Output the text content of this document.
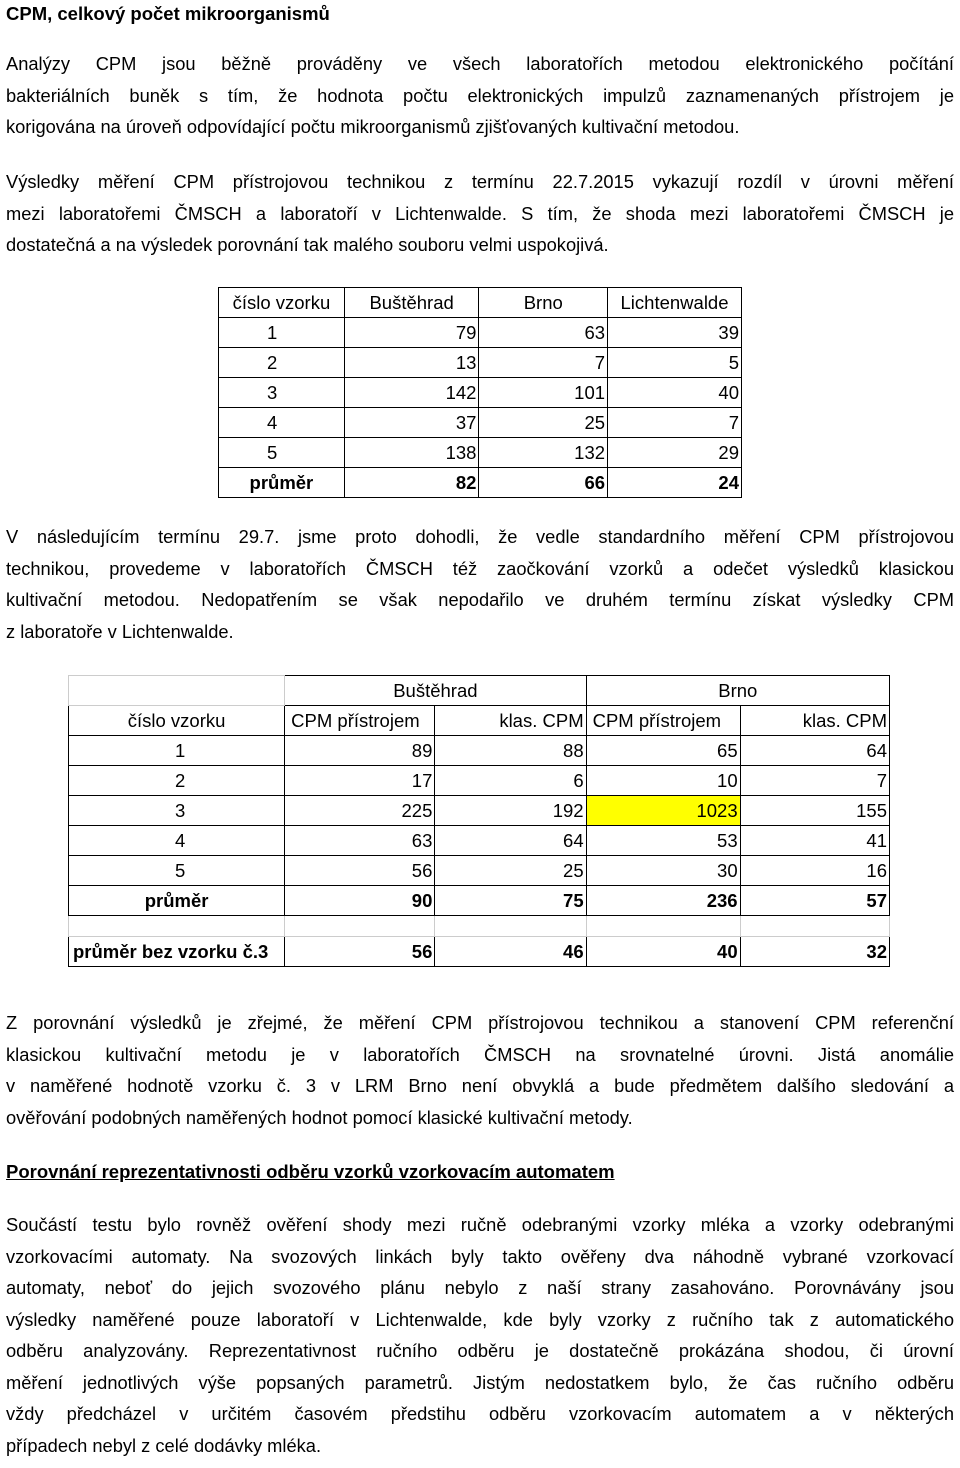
CPM, celkový počet mikroorganismů
Analýzy CPM jsou běžně prováděny ve všech laboratořích metodou elektronického počítání
bakteriálních buněk s tím, že hodnota počtu elektronických impulzů zaznamenaných přístrojem je
korigována na úroveň odpovídající počtu mikroorganismů zjišťovaných kultivační metodou.
Výsledky měření CPM přístrojovou technikou z termínu 22.7.2015 vykazují rozdíl v úrovni měření
mezi laboratořemi ČMSCH a laboratoří v Lichtenwalde. S tím, že shoda mezi laboratořemi ČMSCH je
dostatečná a na výsledek porovnání tak malého souboru velmi uspokojivá.
číslo vzorku	Buštěhrad	Brno	Lichtenwalde
1	79	63	39
2	13	7	5
3	142	101	40
4	37	25	7
5	138	132	29
průměr	82	66	24
V následujícím termínu 29.7. jsme proto dohodli, že vedle standardního měření CPM přístrojovou
technikou, provedeme v laboratořích ČMSCH též zaočkování vzorků a odečet výsledků klasickou
kultivační metodou. Nedopatřením se však nepodařilo ve druhém termínu získat výsledky CPM
z laboratoře v Lichtenwalde.
	Buštěhrad		Brno	
číslo vzorku	CPM přístrojem	klas. CPM	CPM přístrojem	klas. CPM
1	89	88	65	64
2	17	6	10	7
3	225	192	1023	155
4	63	64	53	41
5	56	25	30	16
průměr	90	75	236	57

průměr bez vzorku č.3	56	46	40	32
Z porovnání výsledků je zřejmé, že měření CPM přístrojovou technikou a stanovení CPM referenční
klasickou kultivační metodu je v laboratořích ČMSCH na srovnatelné úrovni. Jistá anomálie
v naměřené hodnotě vzorku č. 3 v LRM Brno není obvyklá a bude předmětem dalšího sledování a
ověřování podobných naměřených hodnot pomocí klasické kultivační metody.
Porovnání reprezentativnosti odběru vzorků vzorkovacím automatem
Součástí testu bylo rovněž ověření shody mezi ručně odebranými vzorky mléka a vzorky odebranými
vzorkovacími automaty. Na svozových linkách byly takto ověřeny dva náhodně vybrané vzorkovací
automaty, neboť do jejich svozového plánu nebylo z naší strany zasahováno. Porovnávány jsou
výsledky naměřené pouze laboratoří v Lichtenwalde, kde byly vzorky z ručního tak z automatického
odběru analyzovány. Reprezentativnost ručního odběru je dostatečně prokázána shodou, či úrovní
měření jednotlivých výše popsaných parametrů. Jistým nedostatkem bylo, že čas ručního odběru
vždy předcházel v určitém časovém předstihu odběru vzorkovacím automatem a v některých
případech nebyl z celé dodávky mléka.
